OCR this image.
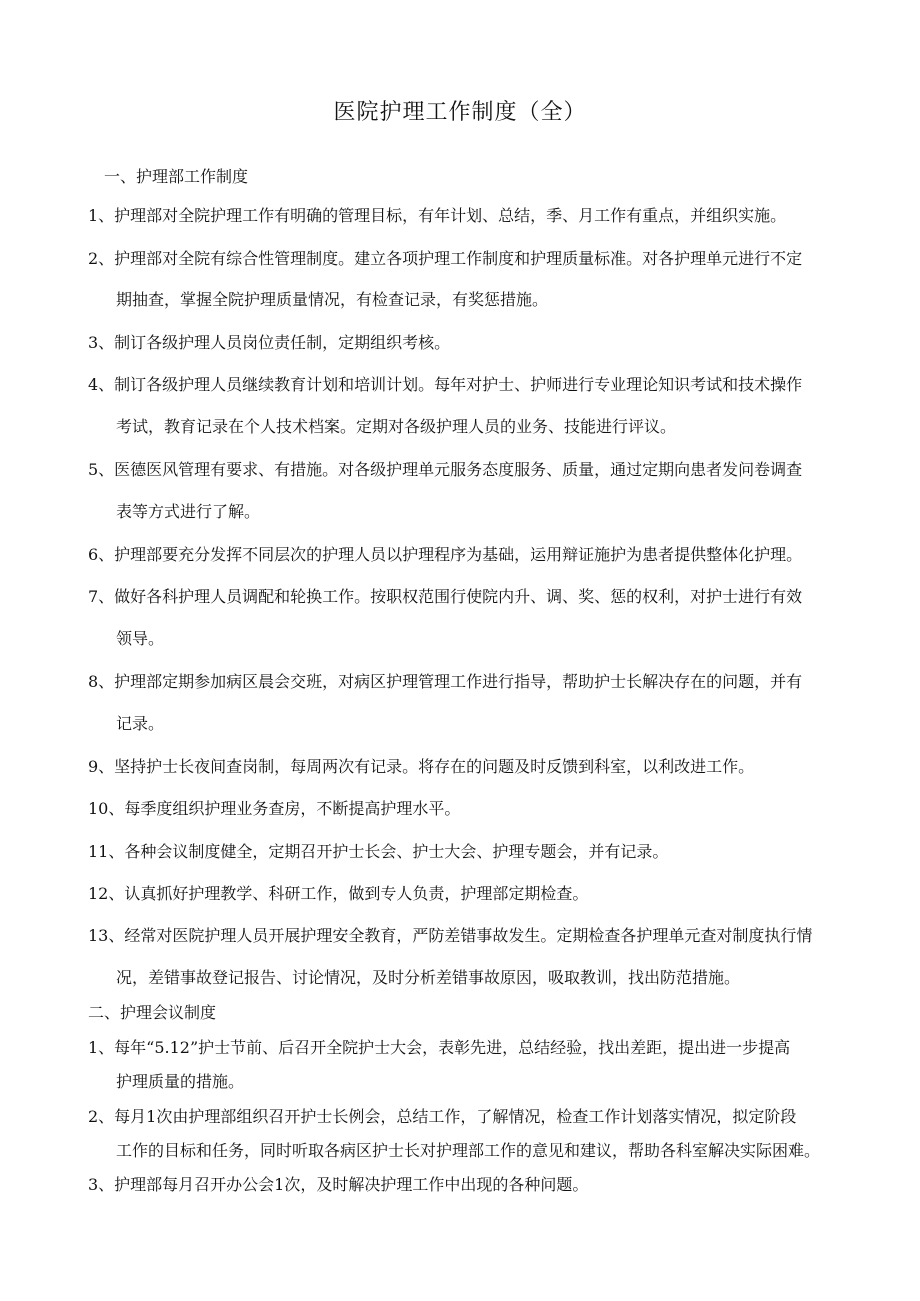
医院护理工作制度（全）
一、护理部工作制度
1、护理部对全院护理工作有明确的管理目标，有年计划、总结，季、月工作有重点，并组织实施。
2、护理部对全院有综合性管理制度。建立各项护理工作制度和护理质量标准。对各护理单元进行不定
期抽查，掌握全院护理质量情况，有检查记录，有奖惩措施。
3、制订各级护理人员岗位责任制，定期组织考核。
4、制订各级护理人员继续教育计划和培训计划。每年对护士、护师进行专业理论知识考试和技术操作
考试，教育记录在个人技术档案。定期对各级护理人员的业务、技能进行评议。
5、医德医风管理有要求、有措施。对各级护理单元服务态度服务、质量，通过定期向患者发问卷调查
表等方式进行了解。
6、护理部要充分发挥不同层次的护理人员以护理程序为基础，运用辩证施护为患者提供整体化护理。
7、做好各科护理人员调配和轮换工作。按职权范围行使院内升、调、奖、惩的权利，对护士进行有效
领导。
8、护理部定期参加病区晨会交班，对病区护理管理工作进行指导，帮助护士长解决存在的问题，并有
记录。
9、坚持护士长夜间查岗制，每周两次有记录。将存在的问题及时反馈到科室，以利改进工作。
10、每季度组织护理业务查房，不断提高护理水平。
11、各种会议制度健全，定期召开护士长会、护士大会、护理专题会，并有记录。
12、认真抓好护理教学、科研工作，做到专人负责，护理部定期检查。
13、经常对医院护理人员开展护理安全教育，严防差错事故发生。定期检查各护理单元查对制度执行情
况，差错事故登记报告、讨论情况，及时分析差错事故原因，吸取教训，找出防范措施。
二、护理会议制度
1、每年“5.12”护士节前、后召开全院护士大会，表彰先进，总结经验，找出差距，提出进一步提高
护理质量的措施。
2、每月1次由护理部组织召开护士长例会，总结工作，了解情况，检查工作计划落实情况，拟定阶段
工作的目标和任务，同时听取各病区护士长对护理部工作的意见和建议，帮助各科室解决实际困难。
3、护理部每月召开办公会1次，及时解决护理工作中出现的各种问题。
